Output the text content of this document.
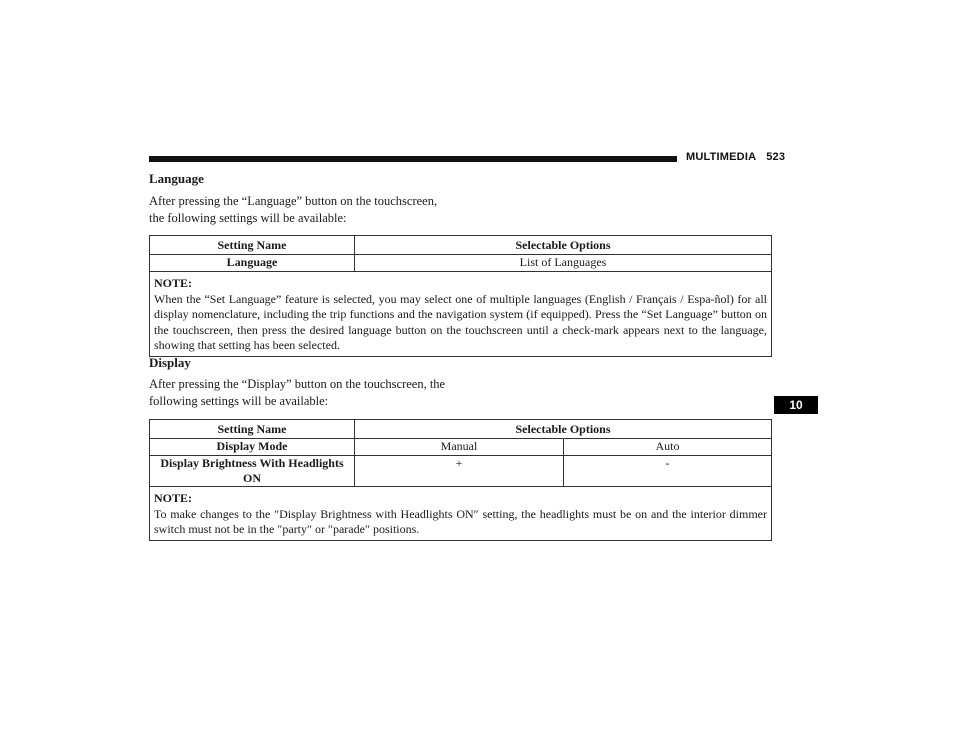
MULTIMEDIA 523
10
Language
After pressing the “Language” button on the touchscreen,
the following settings will be available:
Setting Name	Selectable Options
Language	List of Languages

NOTE:
When the “Set Language” feature is selected, you may select one of multiple languages (English / Français / Espa-ñol) for all display nomenclature, including the trip functions and the navigation system (if equipped). Press the “Set Language” button on the touchscreen, then press the desired language button on the touchscreen until a check-mark appears next to the language, showing that setting has been selected.	
Display
After pressing the “Display” button on the touchscreen, the
following settings will be available:
Setting Name	Selectable Options	
Display Mode	Manual	Auto
Display Brightness With Headlights ON	+	-

NOTE:
To make changes to the ″Display Brightness with Headlights ON″ setting, the headlights must be on and the interior dimmer switch must not be in the ″party″ or ″parade″ positions.		
